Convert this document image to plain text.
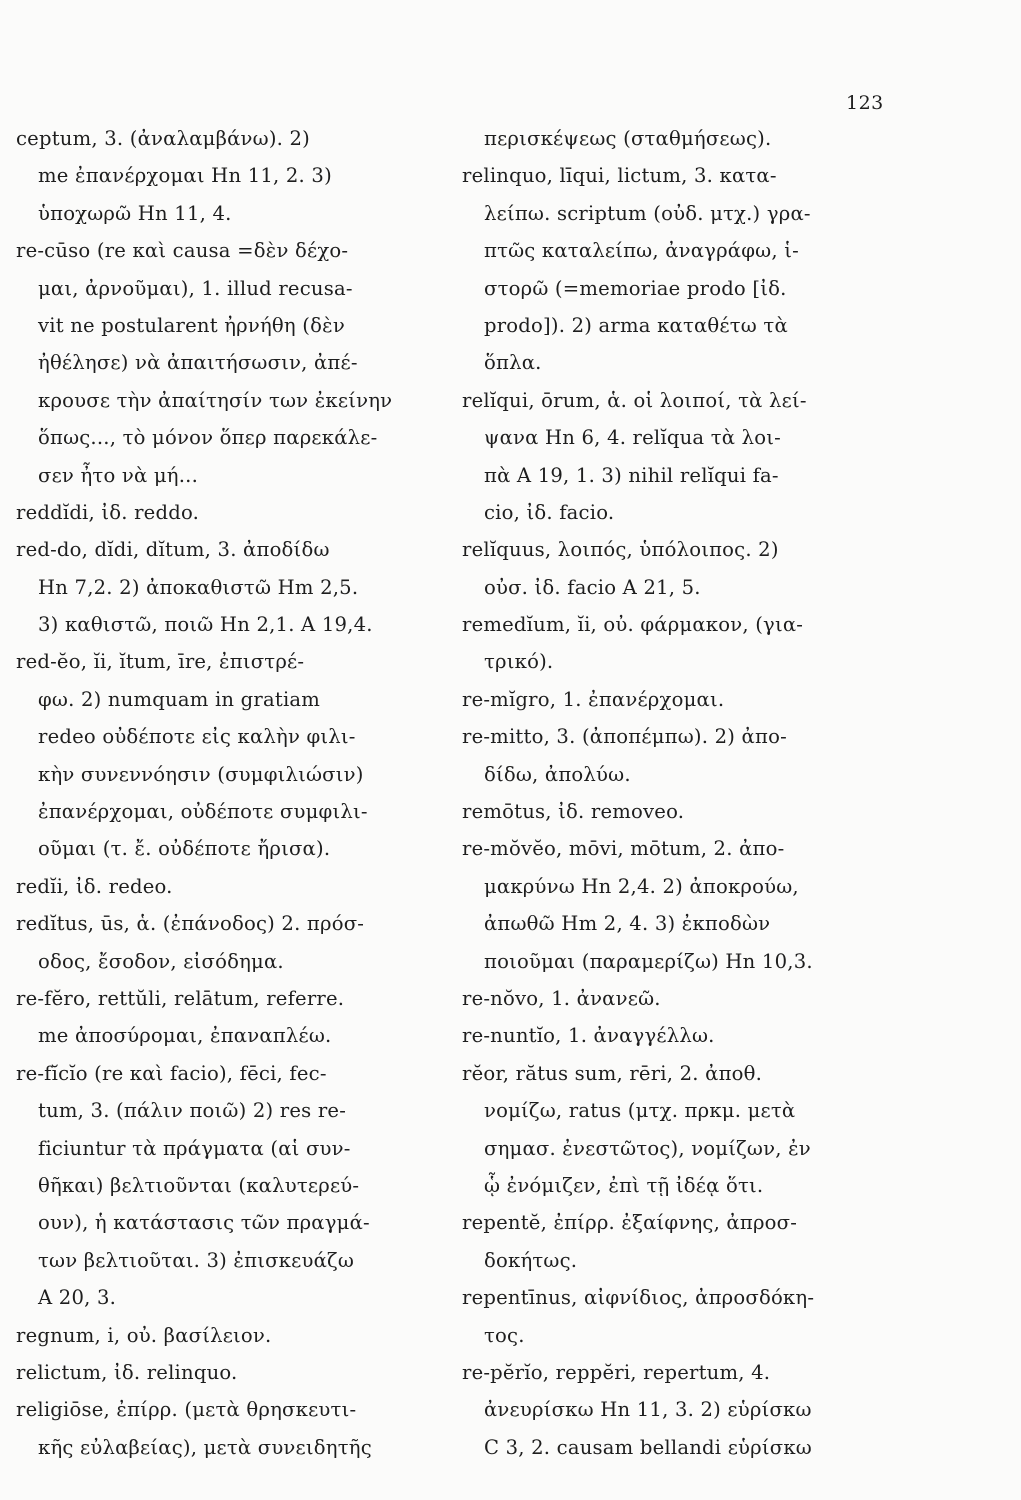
123
ceptum, 3. (ἀναλαμβάνω). 2)
me ἐπανέρχομαι Hn 11, 2. 3)
ὑποχωρῶ Hn 11, 4.
re-cūso (re καὶ causa =δὲν δέχο-
μαι, ἀρνοῦμαι), 1. illud recusa-
vit ne postularent ἠρνήθη (δὲν
ἠθέλησε) νὰ ἀπαιτήσωσιν, ἀπέ-
κρουσε τὴν ἀπαίτησίν των ἐκείνην
ὅπως..., τὸ μόνον ὅπερ παρεκάλε-
σεν ἦτο νὰ μή...
reddĭdi, ἰδ. reddo.
red-do, dĭdi, dĭtum, 3. ἀποδίδω
Hn 7,2. 2) ἀποκαθιστῶ Hm 2,5.
3) καθιστῶ, ποιῶ Hn 2,1. A 19,4.
red-ĕo, ĭi, ĭtum, īre, ἐπιστρέ-
φω. 2) numquam in gratiam
redeo οὐδέποτε εἰς καλὴν φιλι-
κὴν συνεννόησιν (συμφιλιώσιν)
ἐπανέρχομαι, οὐδέποτε συμφιλι-
οῦμαι (τ. ἔ. οὐδέποτε ἤρισα).
redĭi, ἰδ. redeo.
redĭtus, ūs, ἁ. (ἐπάνοδος) 2. πρόσ-
οδος, ἔσοδον, εἰσόδημα.
re-fĕro, rettŭli, relātum, referre.
me ἀποσύρομαι, ἐπαναπλέω.
re-fĭcĭo (re καὶ facio), fēci, fec-
tum, 3. (πάλιν ποιῶ) 2) res re-
ficiuntur τὰ πράγματα (αἱ συν-
θῆκαι) βελτιοῦνται (καλυτερεύ-
ουν), ἡ κατάστασις τῶν πραγμά-
των βελτιοῦται. 3) ἐπισκευάζω
A 20, 3.
regnum, i, οὐ. βασίλειον.
relictum, ἰδ. relinquo.
religiōse, ἐπίρρ. (μετὰ θρησκευτι-
κῆς εὐλαβείας), μετὰ συνειδητῆς
περισκέψεως (σταθμήσεως).
relinquo, līqui, lictum, 3. κατα-
λείπω. scriptum (οὐδ. μτχ.) γρα-
πτῶς καταλείπω, ἀναγράφω, ἱ-
στορῶ (=memoriae prodo [ἰδ.
prodo]). 2) arma καταθέτω τὰ
ὅπλα.
relĭqui, ōrum, ἁ. οἱ λοιποί, τὰ λεί-
ψανα Hn 6, 4. relĭqua τὰ λοι-
πὰ A 19, 1. 3) nihil relĭqui fa-
cio, ἰδ. facio.
relĭquus, λοιπός, ὑπόλοιπος. 2)
οὐσ. ἰδ. facio A 21, 5.
remedĭum, ĭi, οὐ. φάρμακον, (για-
τρικό).
re-mĭgro, 1. ἐπανέρχομαι.
re-mitto, 3. (ἀποπέμπω). 2) ἀπο-
δίδω, ἀπολύω.
remōtus, ἰδ. removeo.
re-mŏvĕo, mōvi, mōtum, 2. ἀπο-
μακρύνω Hn 2,4. 2) ἀποκρούω,
ἀπωθῶ Hm 2, 4. 3) ἐκποδὼν
ποιοῦμαι (παραμερίζω) Hn 10,3.
re-nŏvo, 1. ἀνανεῶ.
re-nuntĭo, 1. ἀναγγέλλω.
rĕor, rătus sum, rēri, 2. ἀποθ.
νομίζω, ratus (μτχ. πρκμ. μετὰ
σημασ. ἐνεστῶτος), νομίζων, ἐν
ᾧ ἐνόμιζεν, ἐπὶ τῇ ἰδέᾳ ὅτι.
repentĕ, ἐπίρρ. ἐξαίφνης, ἀπροσ-
δοκήτως.
repentīnus, αἰφνίδιος, ἀπροσδόκη-
τος.
re-pĕrĭo, reppĕri, repertum, 4.
ἀνευρίσκω Hn 11, 3. 2) εὑρίσκω
C 3, 2. causam bellandi εὑρίσκω
